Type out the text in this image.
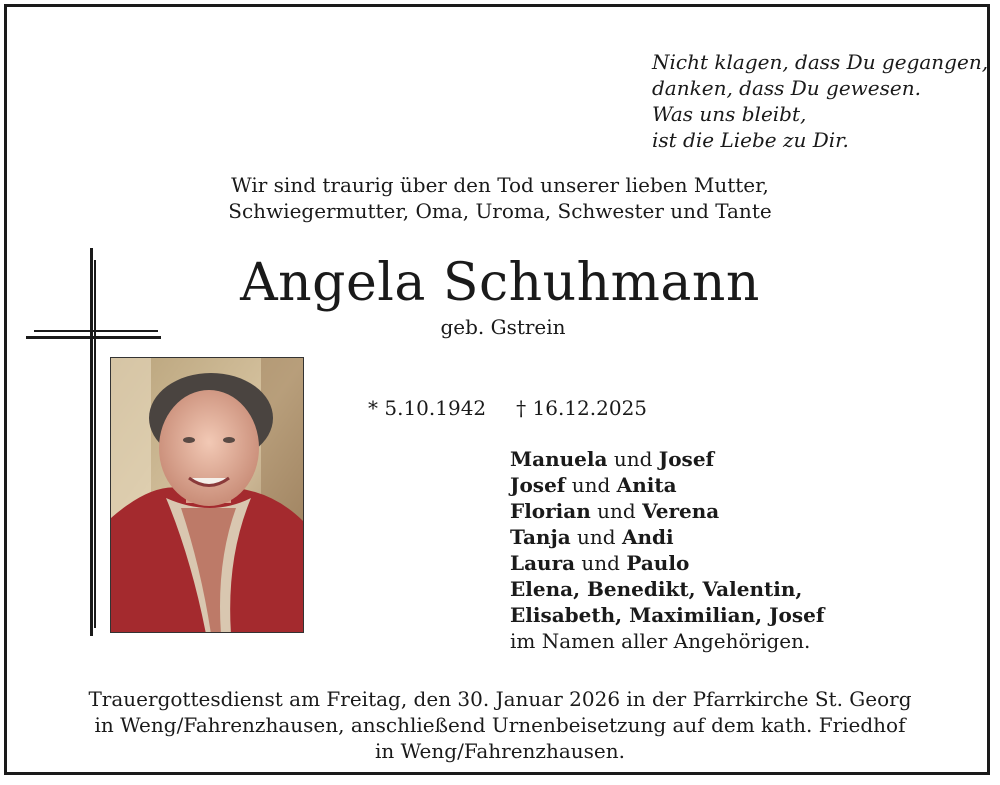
Nicht klagen, dass Du gegangen,
danken, dass Du gewesen.
Was uns bleibt,
ist die Liebe zu Dir.
Wir sind traurig über den Tod unserer lieben Mutter,
Schwiegermutter, Oma, Uroma, Schwester und Tante
Angela Schuhmann
geb. Gstrein
* 5.10.1942 † 16.12.2025
Manuela und Josef
Josef und Anita
Florian und Verena
Tanja und Andi
Laura und Paulo
Elena, Benedikt, Valentin,
Elisabeth, Maximilian, Josef
im Namen aller Angehörigen.
Trauergottesdienst am Freitag, den 30. Januar 2026 in der Pfarrkirche St. Georg
in Weng/Fahrenzhausen, anschließend Urnenbeisetzung auf dem kath. Friedhof
in Weng/Fahrenzhausen.
